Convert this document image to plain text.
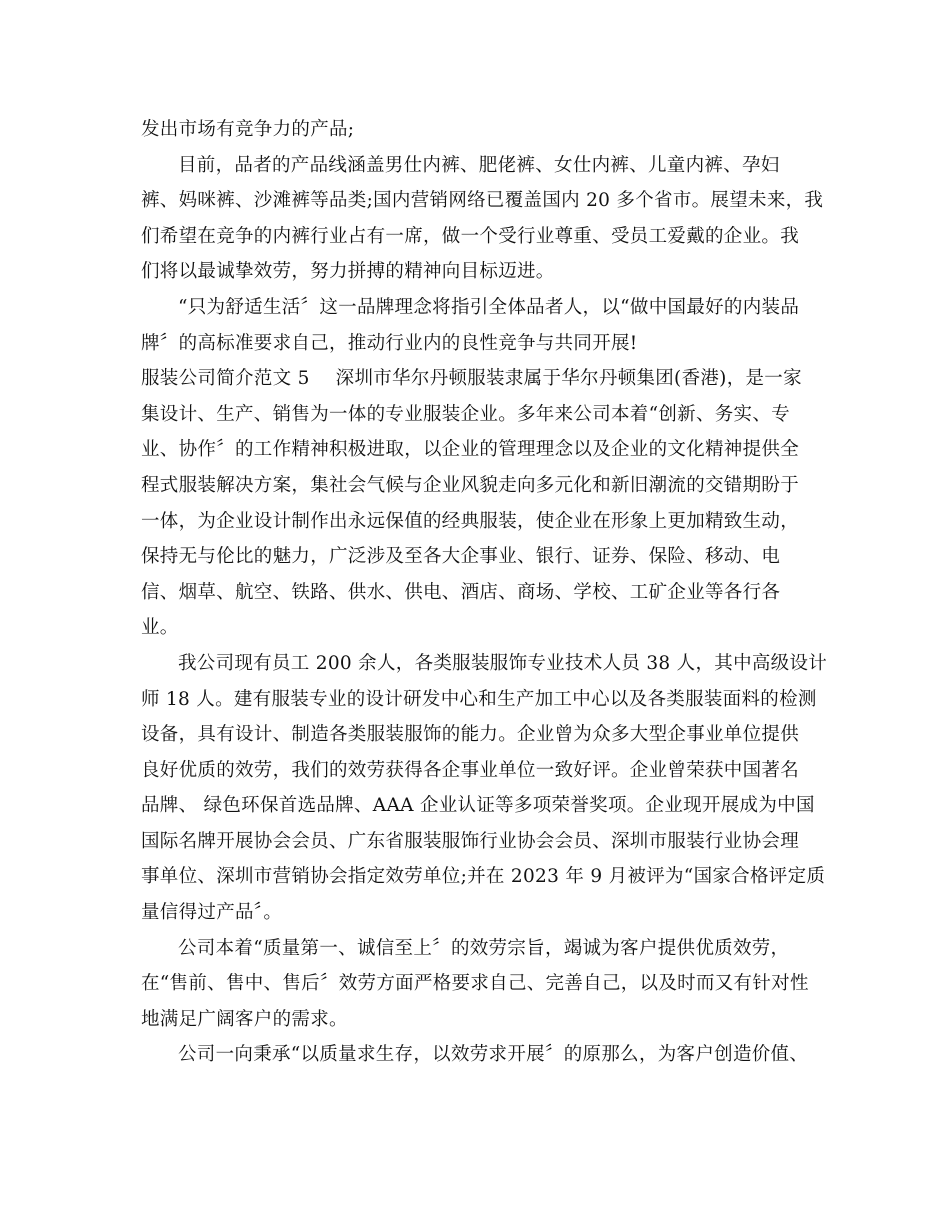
发出市场有竞争力的产品;
目前，品者的产品线涵盖男仕内裤、肥佬裤、女仕内裤、儿童内裤、孕妇
裤、妈咪裤、沙滩裤等品类;国内营销网络已覆盖国内 20 多个省市。展望未来，我
们希望在竞争的内裤行业占有一席，做一个受行业尊重、受员工爱戴的企业。我
们将以最诚挚效劳，努力拼搏的精神向目标迈进。
“只为舒适生活〞这一品牌理念将指引全体品者人，以“做中国最好的内装品
牌〞的高标准要求自己，推动行业内的良性竞争与共同开展!
服装公司简介范文 5 深圳市华尔丹顿服装隶属于华尔丹顿集团(香港)，是一家
集设计、生产、销售为一体的专业服装企业。多年来公司本着“创新、务实、专
业、协作〞的工作精神积极进取，以企业的管理理念以及企业的文化精神提供全
程式服装解决方案，集社会气候与企业风貌走向多元化和新旧潮流的交错期盼于
一体，为企业设计制作出永远保值的经典服装，使企业在形象上更加精致生动，
保持无与伦比的魅力，广泛涉及至各大企事业、银行、证券、保险、移动、电
信、烟草、航空、铁路、供水、供电、酒店、商场、学校、工矿企业等各行各
业。
我公司现有员工 200 余人，各类服装服饰专业技术人员 38 人，其中高级设计
师 18 人。建有服装专业的设计研发中心和生产加工中心以及各类服装面料的检测
设备，具有设计、制造各类服装服饰的能力。企业曾为众多大型企事业单位提供
良好优质的效劳，我们的效劳获得各企事业单位一致好评。企业曾荣获中国著名
品牌、 绿色环保首选品牌、AAA 企业认证等多项荣誉奖项。企业现开展成为中国
国际名牌开展协会会员、广东省服装服饰行业协会会员、深圳市服装行业协会理
事单位、深圳市营销协会指定效劳单位;并在 2023 年 9 月被评为“国家合格评定质
量信得过产品〞。
公司本着“质量第一、诚信至上〞的效劳宗旨，竭诚为客户提供优质效劳，
在“售前、售中、售后〞效劳方面严格要求自己、完善自己，以及时而又有针对性
地满足广阔客户的需求。
公司一向秉承“以质量求生存，以效劳求开展〞的原那么，为客户创造价值、
